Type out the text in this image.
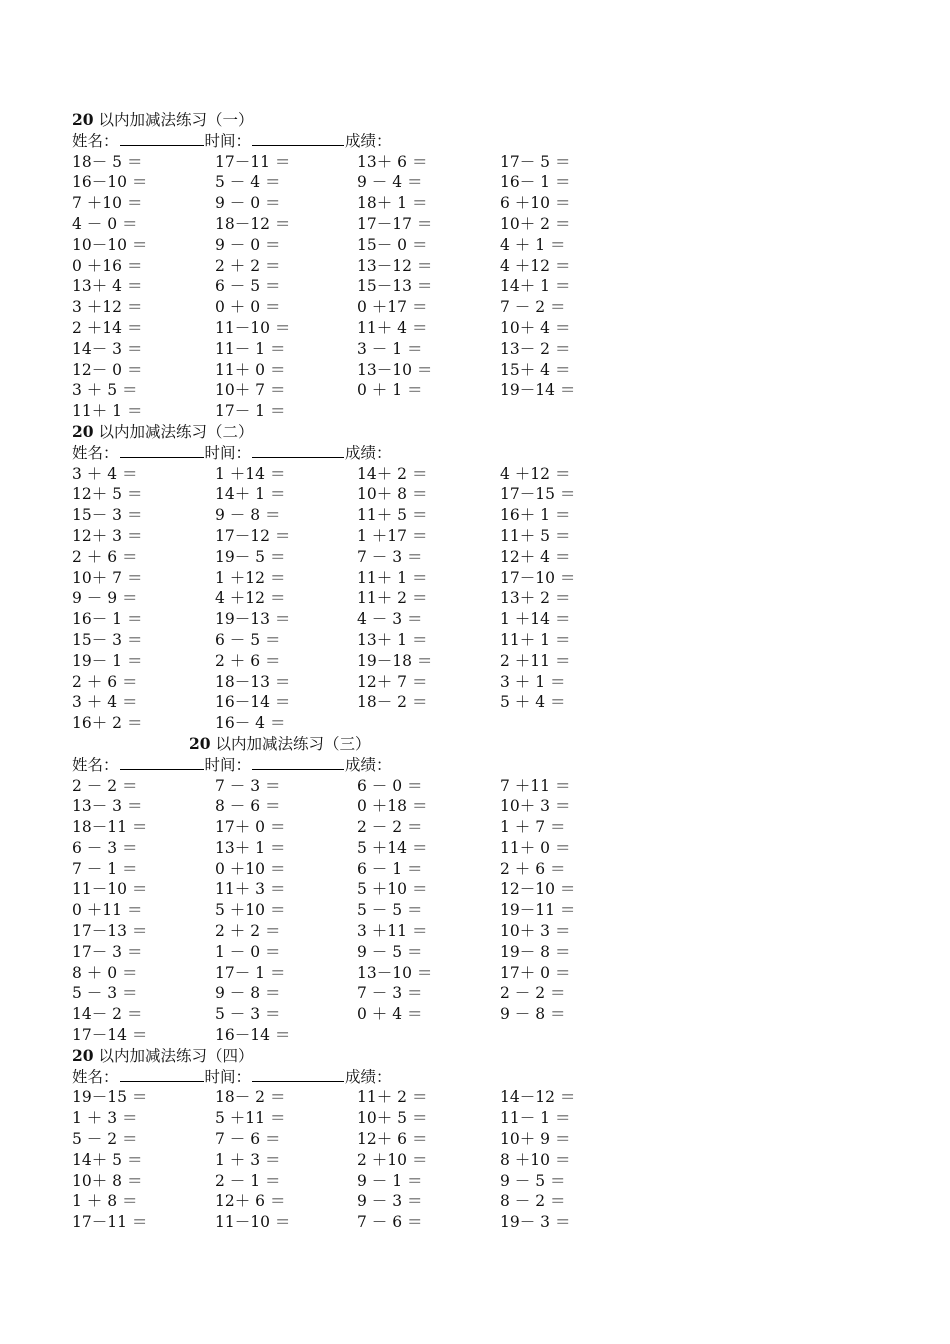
20 以内加减法练习（一）
姓名：	时间：	成绩：
18－ 5 ＝	17－11 ＝	13＋ 6 ＝	17－ 5 ＝
16－10 ＝	5 － 4 ＝	9 － 4 ＝	16－ 1 ＝
7 ＋10 ＝	9 － 0 ＝	18＋ 1 ＝	6 ＋10 ＝
4 － 0 ＝	18－12 ＝	17－17 ＝	10＋ 2 ＝
10－10 ＝	9 － 0 ＝	15－ 0 ＝	4 ＋ 1 ＝
0 ＋16 ＝	2 ＋ 2 ＝	13－12 ＝	4 ＋12 ＝
13＋ 4 ＝	6 － 5 ＝	15－13 ＝	14＋ 1 ＝
3 ＋12 ＝	0 ＋ 0 ＝	0 ＋17 ＝	7 － 2 ＝
2 ＋14 ＝	11－10 ＝	11＋ 4 ＝	10＋ 4 ＝
14－ 3 ＝	11－ 1 ＝	3 － 1 ＝	13－ 2 ＝
12－ 0 ＝	11＋ 0 ＝	13－10 ＝	15＋ 4 ＝
3 ＋ 5 ＝	10＋ 7 ＝	0 ＋ 1 ＝	19－14 ＝
11＋ 1 ＝	17－ 1 ＝
20 以内加减法练习（二）
姓名：	时间：	成绩：
3 ＋ 4 ＝	1 ＋14 ＝	14＋ 2 ＝	4 ＋12 ＝
12＋ 5 ＝	14＋ 1 ＝	10＋ 8 ＝	17－15 ＝
15－ 3 ＝	9 － 8 ＝	11＋ 5 ＝	16＋ 1 ＝
12＋ 3 ＝	17－12 ＝	1 ＋17 ＝	11＋ 5 ＝
2 ＋ 6 ＝	19－ 5 ＝	7 － 3 ＝	12＋ 4 ＝
10＋ 7 ＝	1 ＋12 ＝	11＋ 1 ＝	17－10 ＝
9 － 9 ＝	4 ＋12 ＝	11＋ 2 ＝	13＋ 2 ＝
16－ 1 ＝	19－13 ＝	4 － 3 ＝	1 ＋14 ＝
15－ 3 ＝	6 － 5 ＝	13＋ 1 ＝	11＋ 1 ＝
19－ 1 ＝	2 ＋ 6 ＝	19－18 ＝	2 ＋11 ＝
2 ＋ 6 ＝	18－13 ＝	12＋ 7 ＝	3 ＋ 1 ＝
3 ＋ 4 ＝	16－14 ＝	18－ 2 ＝	5 ＋ 4 ＝
16＋ 2 ＝	16－ 4 ＝
20 以内加减法练习（三）
姓名：	时间：	成绩：
2 － 2 ＝	7 － 3 ＝	6 － 0 ＝	7 ＋11 ＝
13－ 3 ＝	8 － 6 ＝	0 ＋18 ＝	10＋ 3 ＝
18－11 ＝	17＋ 0 ＝	2 － 2 ＝	1 ＋ 7 ＝
6 － 3 ＝	13＋ 1 ＝	5 ＋14 ＝	11＋ 0 ＝
7 － 1 ＝	0 ＋10 ＝	6 － 1 ＝	2 ＋ 6 ＝
11－10 ＝	11＋ 3 ＝	5 ＋10 ＝	12－10 ＝
0 ＋11 ＝	5 ＋10 ＝	5 － 5 ＝	19－11 ＝
17－13 ＝	2 ＋ 2 ＝	3 ＋11 ＝	10＋ 3 ＝
17－ 3 ＝	1 － 0 ＝	9 － 5 ＝	19－ 8 ＝
8 ＋ 0 ＝	17－ 1 ＝	13－10 ＝	17＋ 0 ＝
5 － 3 ＝	9 － 8 ＝	7 － 3 ＝	2 － 2 ＝
14－ 2 ＝	5 － 3 ＝	0 ＋ 4 ＝	9 － 8 ＝
17－14 ＝	16－14 ＝
20 以内加减法练习（四）
姓名：	时间：	成绩：
19－15 ＝	18－ 2 ＝	11＋ 2 ＝	14－12 ＝
1 ＋ 3 ＝	5 ＋11 ＝	10＋ 5 ＝	11－ 1 ＝
5 － 2 ＝	7 － 6 ＝	12＋ 6 ＝	10＋ 9 ＝
14＋ 5 ＝	1 ＋ 3 ＝	2 ＋10 ＝	8 ＋10 ＝
10＋ 8 ＝	2 － 1 ＝	9 － 1 ＝	9 － 5 ＝
1 ＋ 8 ＝	12＋ 6 ＝	9 － 3 ＝	8 － 2 ＝
17－11 ＝	11－10 ＝	7 － 6 ＝	19－ 3 ＝
